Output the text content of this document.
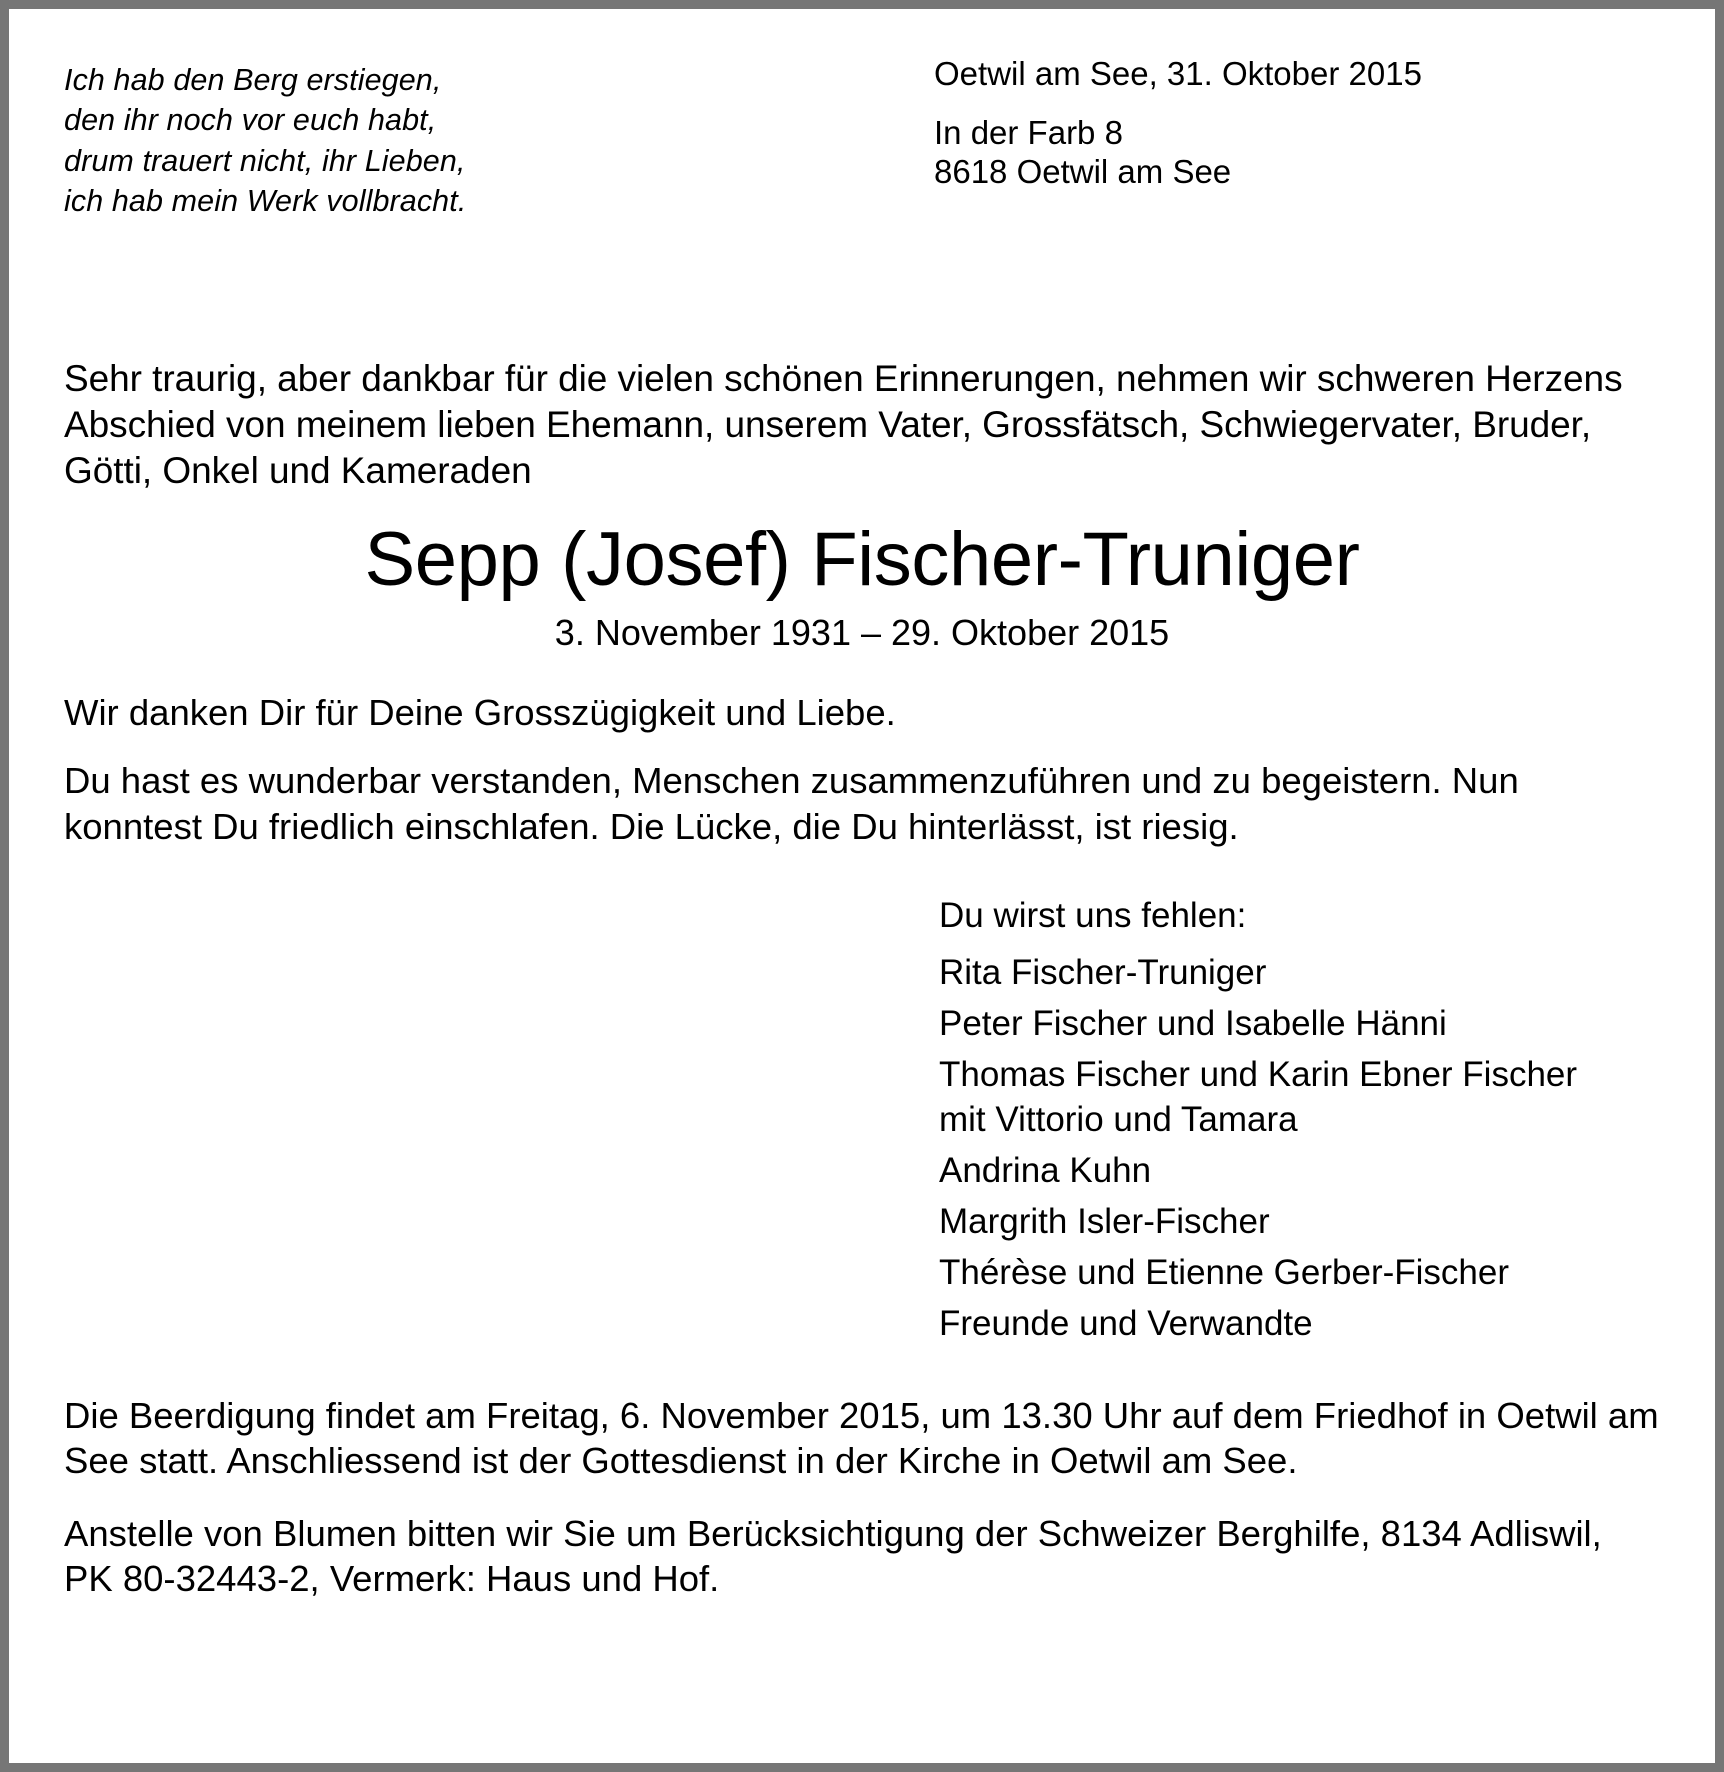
Ich hab den Berg erstiegen,
den ihr noch vor euch habt,
drum trauert nicht, ihr Lieben,
ich hab mein Werk vollbracht.
Oetwil am See, 31. Oktober 2015
In der Farb 8
8618 Oetwil am See
Sehr traurig, aber dankbar für die vielen schönen Erinnerungen, nehmen wir schweren Herzens Abschied von meinem lieben Ehemann, unserem Vater, Grossfätsch, Schwiegervater, Bruder, Götti, Onkel und Kameraden
Sepp (Josef) Fischer-Truniger
3. November 1931 – 29. Oktober 2015
Wir danken Dir für Deine Grosszügigkeit und Liebe.
Du hast es wunderbar verstanden, Menschen zusammenzuführen und zu begeistern. Nun konntest Du friedlich einschlafen. Die Lücke, die Du hinterlässt, ist riesig.
Du wirst uns fehlen:
Rita Fischer-Truniger
Peter Fischer und Isabelle Hänni
Thomas Fischer und Karin Ebner Fischer
mit Vittorio und Tamara
Andrina Kuhn
Margrith Isler-Fischer
Thérèse und Etienne Gerber-Fischer
Freunde und Verwandte
Die Beerdigung findet am Freitag, 6. November 2015, um 13.30 Uhr auf dem Friedhof in Oetwil am See statt. Anschliessend ist der Gottesdienst in der Kirche in Oetwil am See.
Anstelle von Blumen bitten wir Sie um Berücksichtigung der Schweizer Berghilfe, 8134 Adliswil, PK 80-32443-2, Vermerk: Haus und Hof.
